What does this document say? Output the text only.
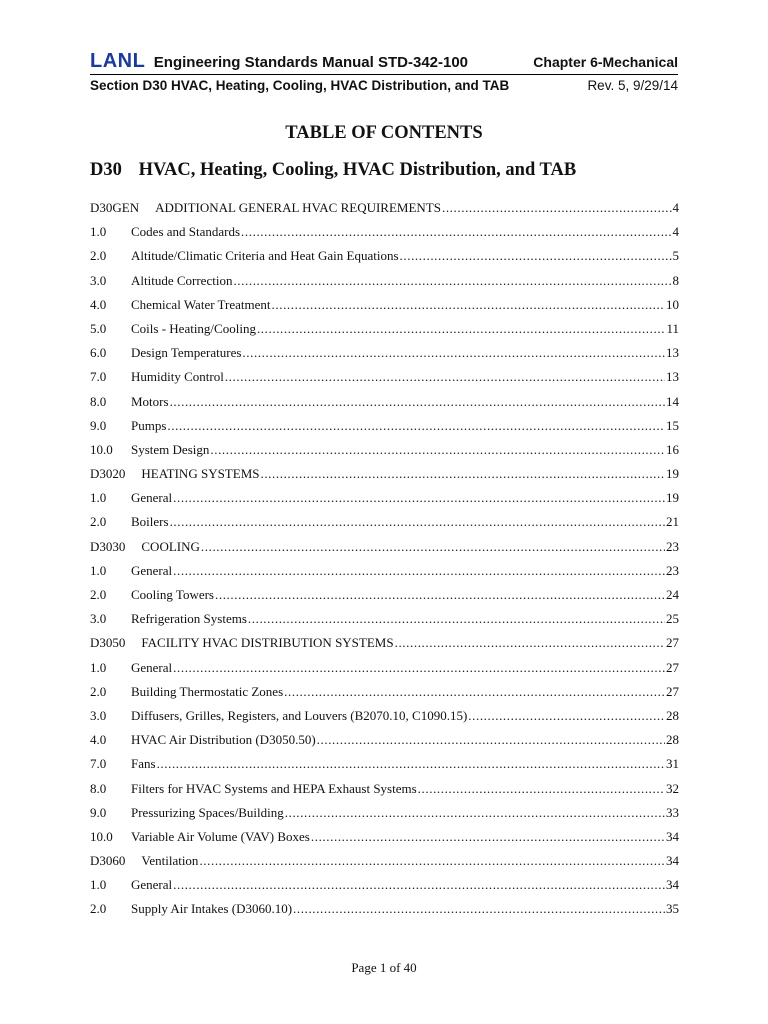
LANL Engineering Standards Manual STD-342-100	Chapter 6-Mechanical
Section D30 HVAC, Heating, Cooling, HVAC Distribution, and TAB	Rev. 5, 9/29/14
TABLE OF CONTENTS
D30 HVAC, Heating, Cooling, HVAC Distribution, and TAB
D30GEN ADDITIONAL GENERAL HVAC REQUIREMENTS .....	4
1.0	Codes and Standards .....	4
2.0	Altitude/Climatic Criteria and Heat Gain Equations .....	5
3.0	Altitude Correction .....	8
4.0	Chemical Water Treatment .....	10
5.0	Coils - Heating/Cooling .....	11
6.0	Design Temperatures .....	13
7.0	Humidity Control .....	13
8.0	Motors .....	14
9.0	Pumps .....	15
10.0	System Design .....	16
D3020 HEATING SYSTEMS .....	19
1.0	General .....	19
2.0	Boilers .....	21
D3030 COOLING .....	23
1.0	General .....	23
2.0	Cooling Towers .....	24
3.0	Refrigeration Systems .....	25
D3050 FACILITY HVAC DISTRIBUTION SYSTEMS .....	27
1.0	General .....	27
2.0	Building Thermostatic Zones .....	27
3.0	Diffusers, Grilles, Registers, and Louvers (B2070.10, C1090.15) .....	28
4.0	HVAC Air Distribution (D3050.50) .....	28
7.0	Fans .....	31
8.0	Filters for HVAC Systems and HEPA Exhaust Systems .....	32
9.0	Pressurizing Spaces/Building .....	33
10.0	Variable Air Volume (VAV) Boxes .....	34
D3060 Ventilation .....	34
1.0	General .....	34
2.0	Supply Air Intakes (D3060.10) .....	35
Page 1 of 40
